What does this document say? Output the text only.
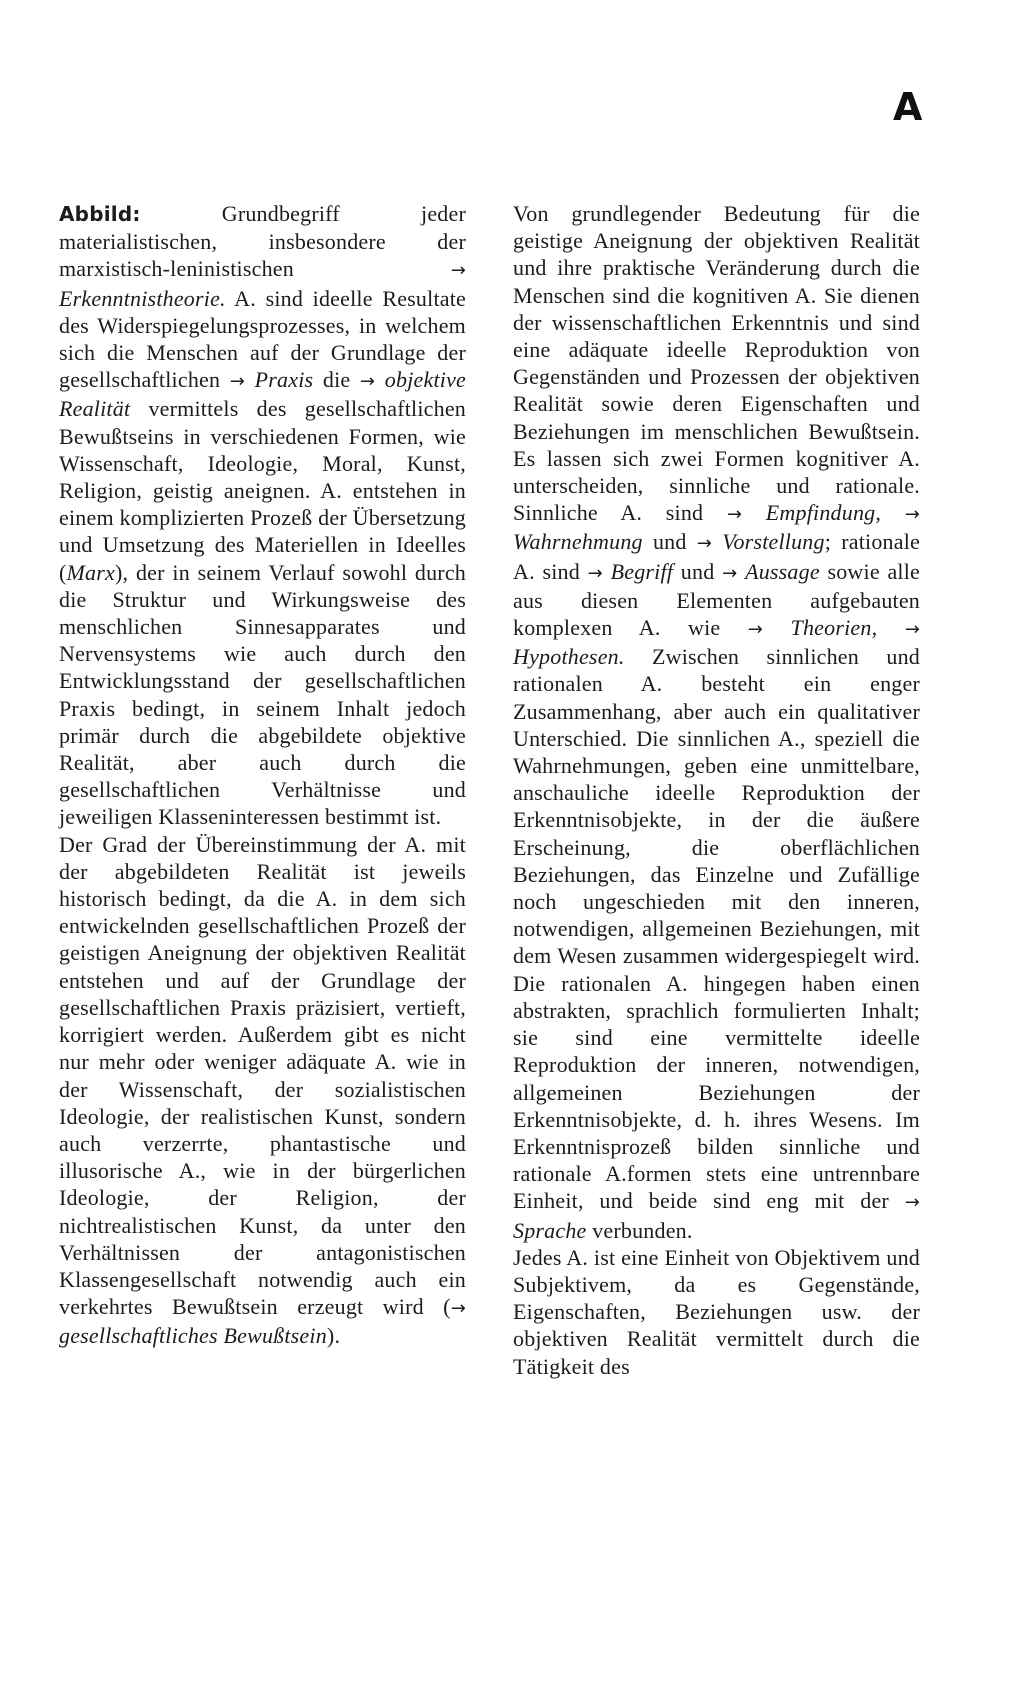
A

Abbild: Grundbegriff jeder materialistischen, insbesondere der marxistisch-leninistischen → Erkenntnistheorie. A. sind ideelle Resultate des Widerspiegelungsprozesses, in welchem sich die Menschen auf der Grundlage der gesellschaftlichen → Praxis die → objektive Realität vermittels des gesellschaftlichen Bewußtseins in verschiedenen Formen, wie Wissenschaft, Ideologie, Moral, Kunst, Religion, geistig aneignen. A. entstehen in einem komplizierten Prozeß der Übersetzung und Umsetzung des Materiellen in Ideelles (Marx), der in seinem Verlauf sowohl durch die Struktur und Wirkungsweise des menschlichen Sinnesapparates und Nervensystems wie auch durch den Entwicklungsstand der gesellschaftlichen Praxis bedingt, in seinem Inhalt jedoch primär durch die abgebildete objektive Realität, aber auch durch die gesellschaftlichen Verhältnisse und jeweiligen Klasseninteressen bestimmt ist.

Der Grad der Übereinstimmung der A. mit der abgebildeten Realität ist jeweils historisch bedingt, da die A. in dem sich entwickelnden gesellschaftlichen Prozeß der geistigen Aneignung der objektiven Realität entstehen und auf der Grundlage der gesellschaftlichen Praxis präzisiert, vertieft, korrigiert werden. Außerdem gibt es nicht nur mehr oder weniger adäquate A. wie in der Wissenschaft, der sozialistischen Ideologie, der realistischen Kunst, sondern auch verzerrte, phantastische und illusorische A., wie in der bürgerlichen Ideologie, der Religion, der nichtrealistischen Kunst, da unter den Verhältnissen der antagonistischen Klassengesellschaft notwendig auch ein verkehrtes Bewußtsein erzeugt wird (→ gesellschaftliches Bewußtsein).

Von grundlegender Bedeutung für die geistige Aneignung der objektiven Realität und ihre praktische Veränderung durch die Menschen sind die kognitiven A. Sie dienen der wissenschaftlichen Erkenntnis und sind eine adäquate ideelle Reproduktion von Gegenständen und Prozessen der objektiven Realität sowie deren Eigenschaften und Beziehungen im menschlichen Bewußtsein. Es lassen sich zwei Formen kognitiver A. unterscheiden, sinnliche und rationale. Sinnliche A. sind → Empfindung, → Wahrnehmung und → Vorstellung; rationale A. sind → Begriff und → Aussage sowie alle aus diesen Elementen aufgebauten komplexen A. wie → Theorien, → Hypothesen. Zwischen sinnlichen und rationalen A. besteht ein enger Zusammenhang, aber auch ein qualitativer Unterschied. Die sinnlichen A., speziell die Wahrnehmungen, geben eine unmittelbare, anschauliche ideelle Reproduktion der Erkenntnisobjekte, in der die äußere Erscheinung, die oberflächlichen Beziehungen, das Einzelne und Zufällige noch ungeschieden mit den inneren, notwendigen, allgemeinen Beziehungen, mit dem Wesen zusammen widergespiegelt wird. Die rationalen A. hingegen haben einen abstrakten, sprachlich formulierten Inhalt; sie sind eine vermittelte ideelle Reproduktion der inneren, notwendigen, allgemeinen Beziehungen der Erkenntnisobjekte, d. h. ihres Wesens. Im Erkenntnisprozeß bilden sinnliche und rationale A.formen stets eine untrennbare Einheit, und beide sind eng mit der → Sprache verbunden.

Jedes A. ist eine Einheit von Objektivem und Subjektivem, da es Gegenstände, Eigenschaften, Beziehungen usw. der objektiven Realität vermittelt durch die Tätigkeit des
